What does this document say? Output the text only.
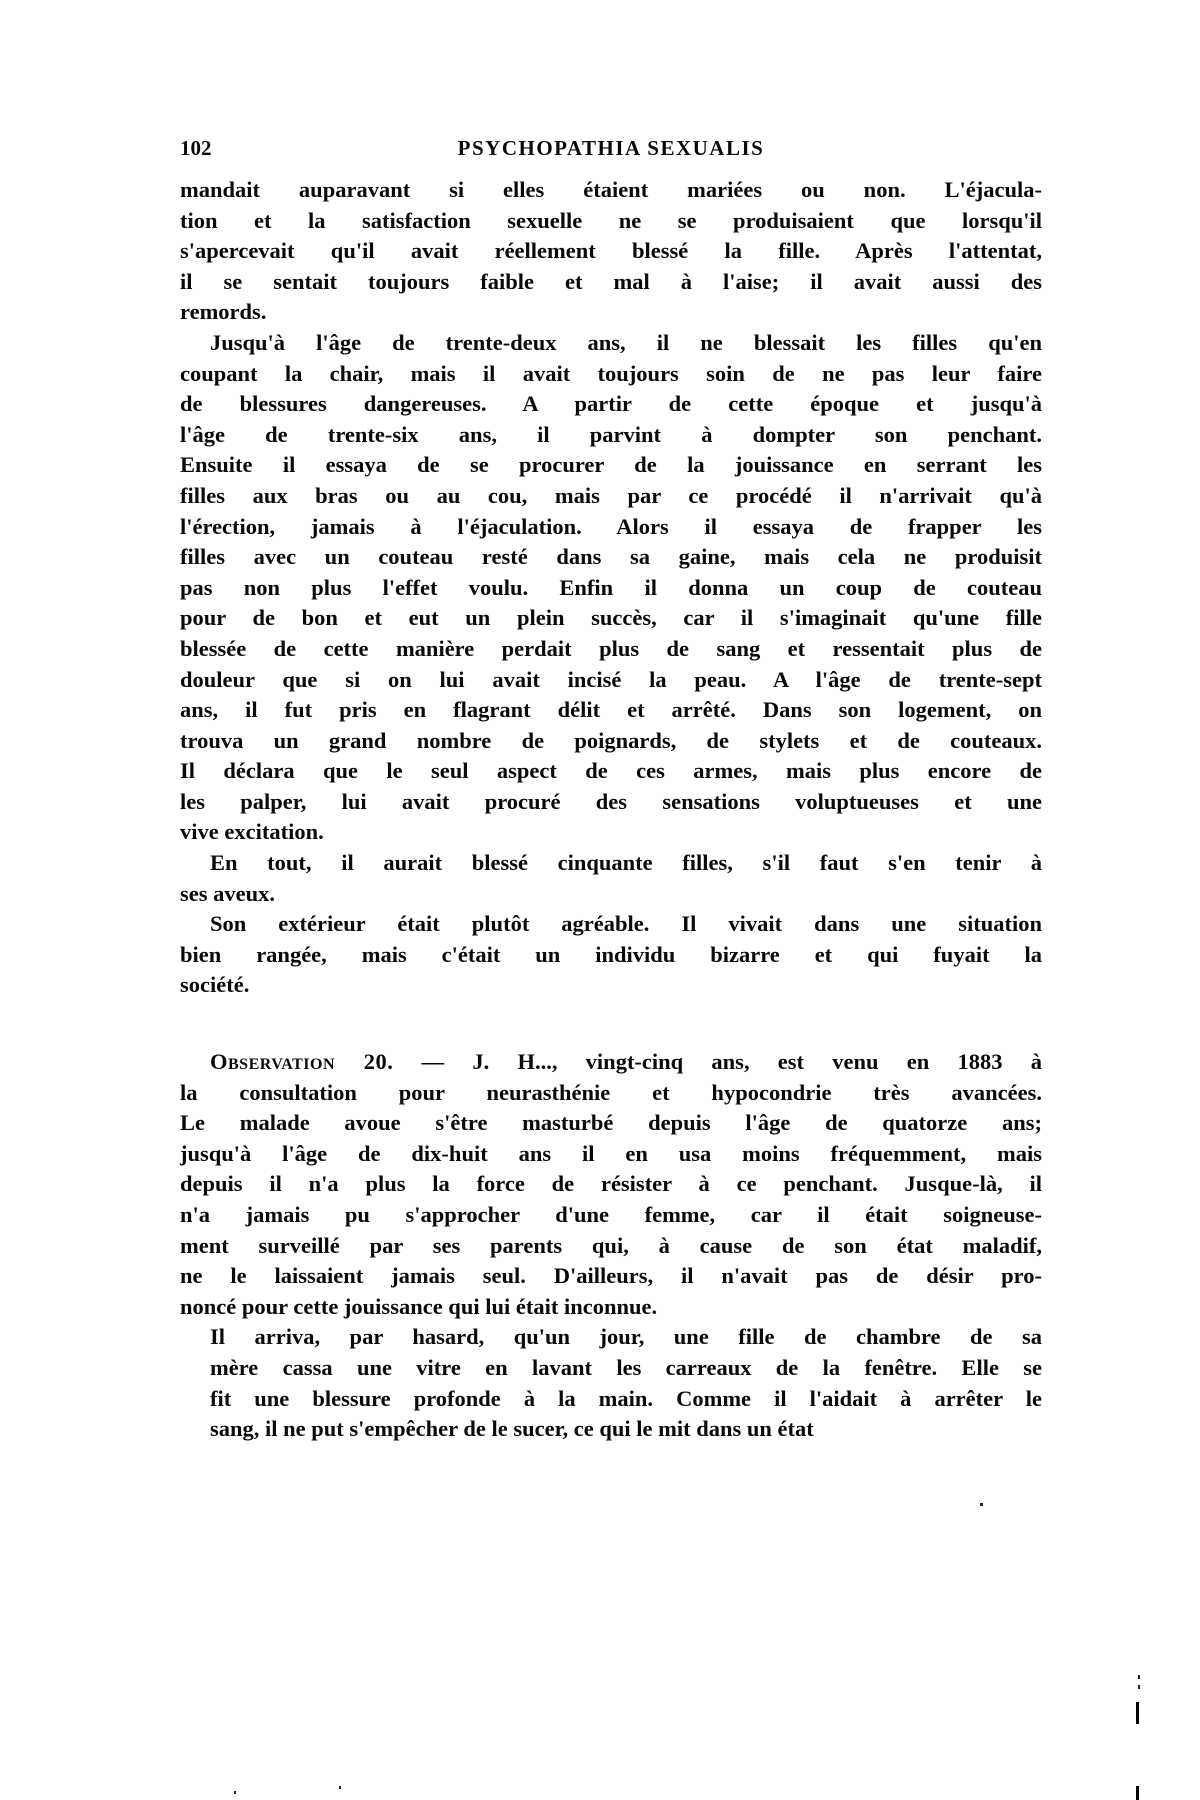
102	PSYCHOPATHIA SEXUALIS

mandait auparavant si elles étaient mariées ou non. L'éjacula-
tion et la satisfaction sexuelle ne se produisaient que lorsqu'il
s'apercevait qu'il avait réellement blessé la fille. Après l'attentat,
il se sentait toujours faible et mal à l'aise; il avait aussi des
remords.

Jusqu'à l'âge de trente-deux ans, il ne blessait les filles qu'en
coupant la chair, mais il avait toujours soin de ne pas leur faire
de blessures dangereuses. A partir de cette époque et jusqu'à
l'âge de trente-six ans, il parvint à dompter son penchant.
Ensuite il essaya de se procurer de la jouissance en serrant les
filles aux bras ou au cou, mais par ce procédé il n'arrivait qu'à
l'érection, jamais à l'éjaculation. Alors il essaya de frapper les
filles avec un couteau resté dans sa gaine, mais cela ne produisit
pas non plus l'effet voulu. Enfin il donna un coup de couteau
pour de bon et eut un plein succès, car il s'imaginait qu'une fille
blessée de cette manière perdait plus de sang et ressentait plus de
douleur que si on lui avait incisé la peau. A l'âge de trente-sept
ans, il fut pris en flagrant délit et arrêté. Dans son logement, on
trouva un grand nombre de poignards, de stylets et de couteaux.
Il déclara que le seul aspect de ces armes, mais plus encore de
les palper, lui avait procuré des sensations voluptueuses et une
vive excitation.

En tout, il aurait blessé cinquante filles, s'il faut s'en tenir à
ses aveux.

Son extérieur était plutôt agréable. Il vivait dans une situation
bien rangée, mais c'était un individu bizarre et qui fuyait la
société.

Observation 20. — J. H..., vingt-cinq ans, est venu en 1883 à
la consultation pour neurasthénie et hypocondrie très avancées.
Le malade avoue s'être masturbé depuis l'âge de quatorze ans;
jusqu'à l'âge de dix-huit ans il en usa moins fréquemment, mais
depuis il n'a plus la force de résister à ce penchant. Jusque-là, il
n'a jamais pu s'approcher d'une femme, car il était soigneuse-
ment surveillé par ses parents qui, à cause de son état maladif,
ne le laissaient jamais seul. D'ailleurs, il n'avait pas de désir pro-
noncé pour cette jouissance qui lui était inconnue.

Il arriva, par hasard, qu'un jour, une fille de chambre de sa
mère cassa une vitre en lavant les carreaux de la fenêtre. Elle se
fit une blessure profonde à la main. Comme il l'aidait à arrêter le
sang, il ne put s'empêcher de le sucer, ce qui le mit dans un état
